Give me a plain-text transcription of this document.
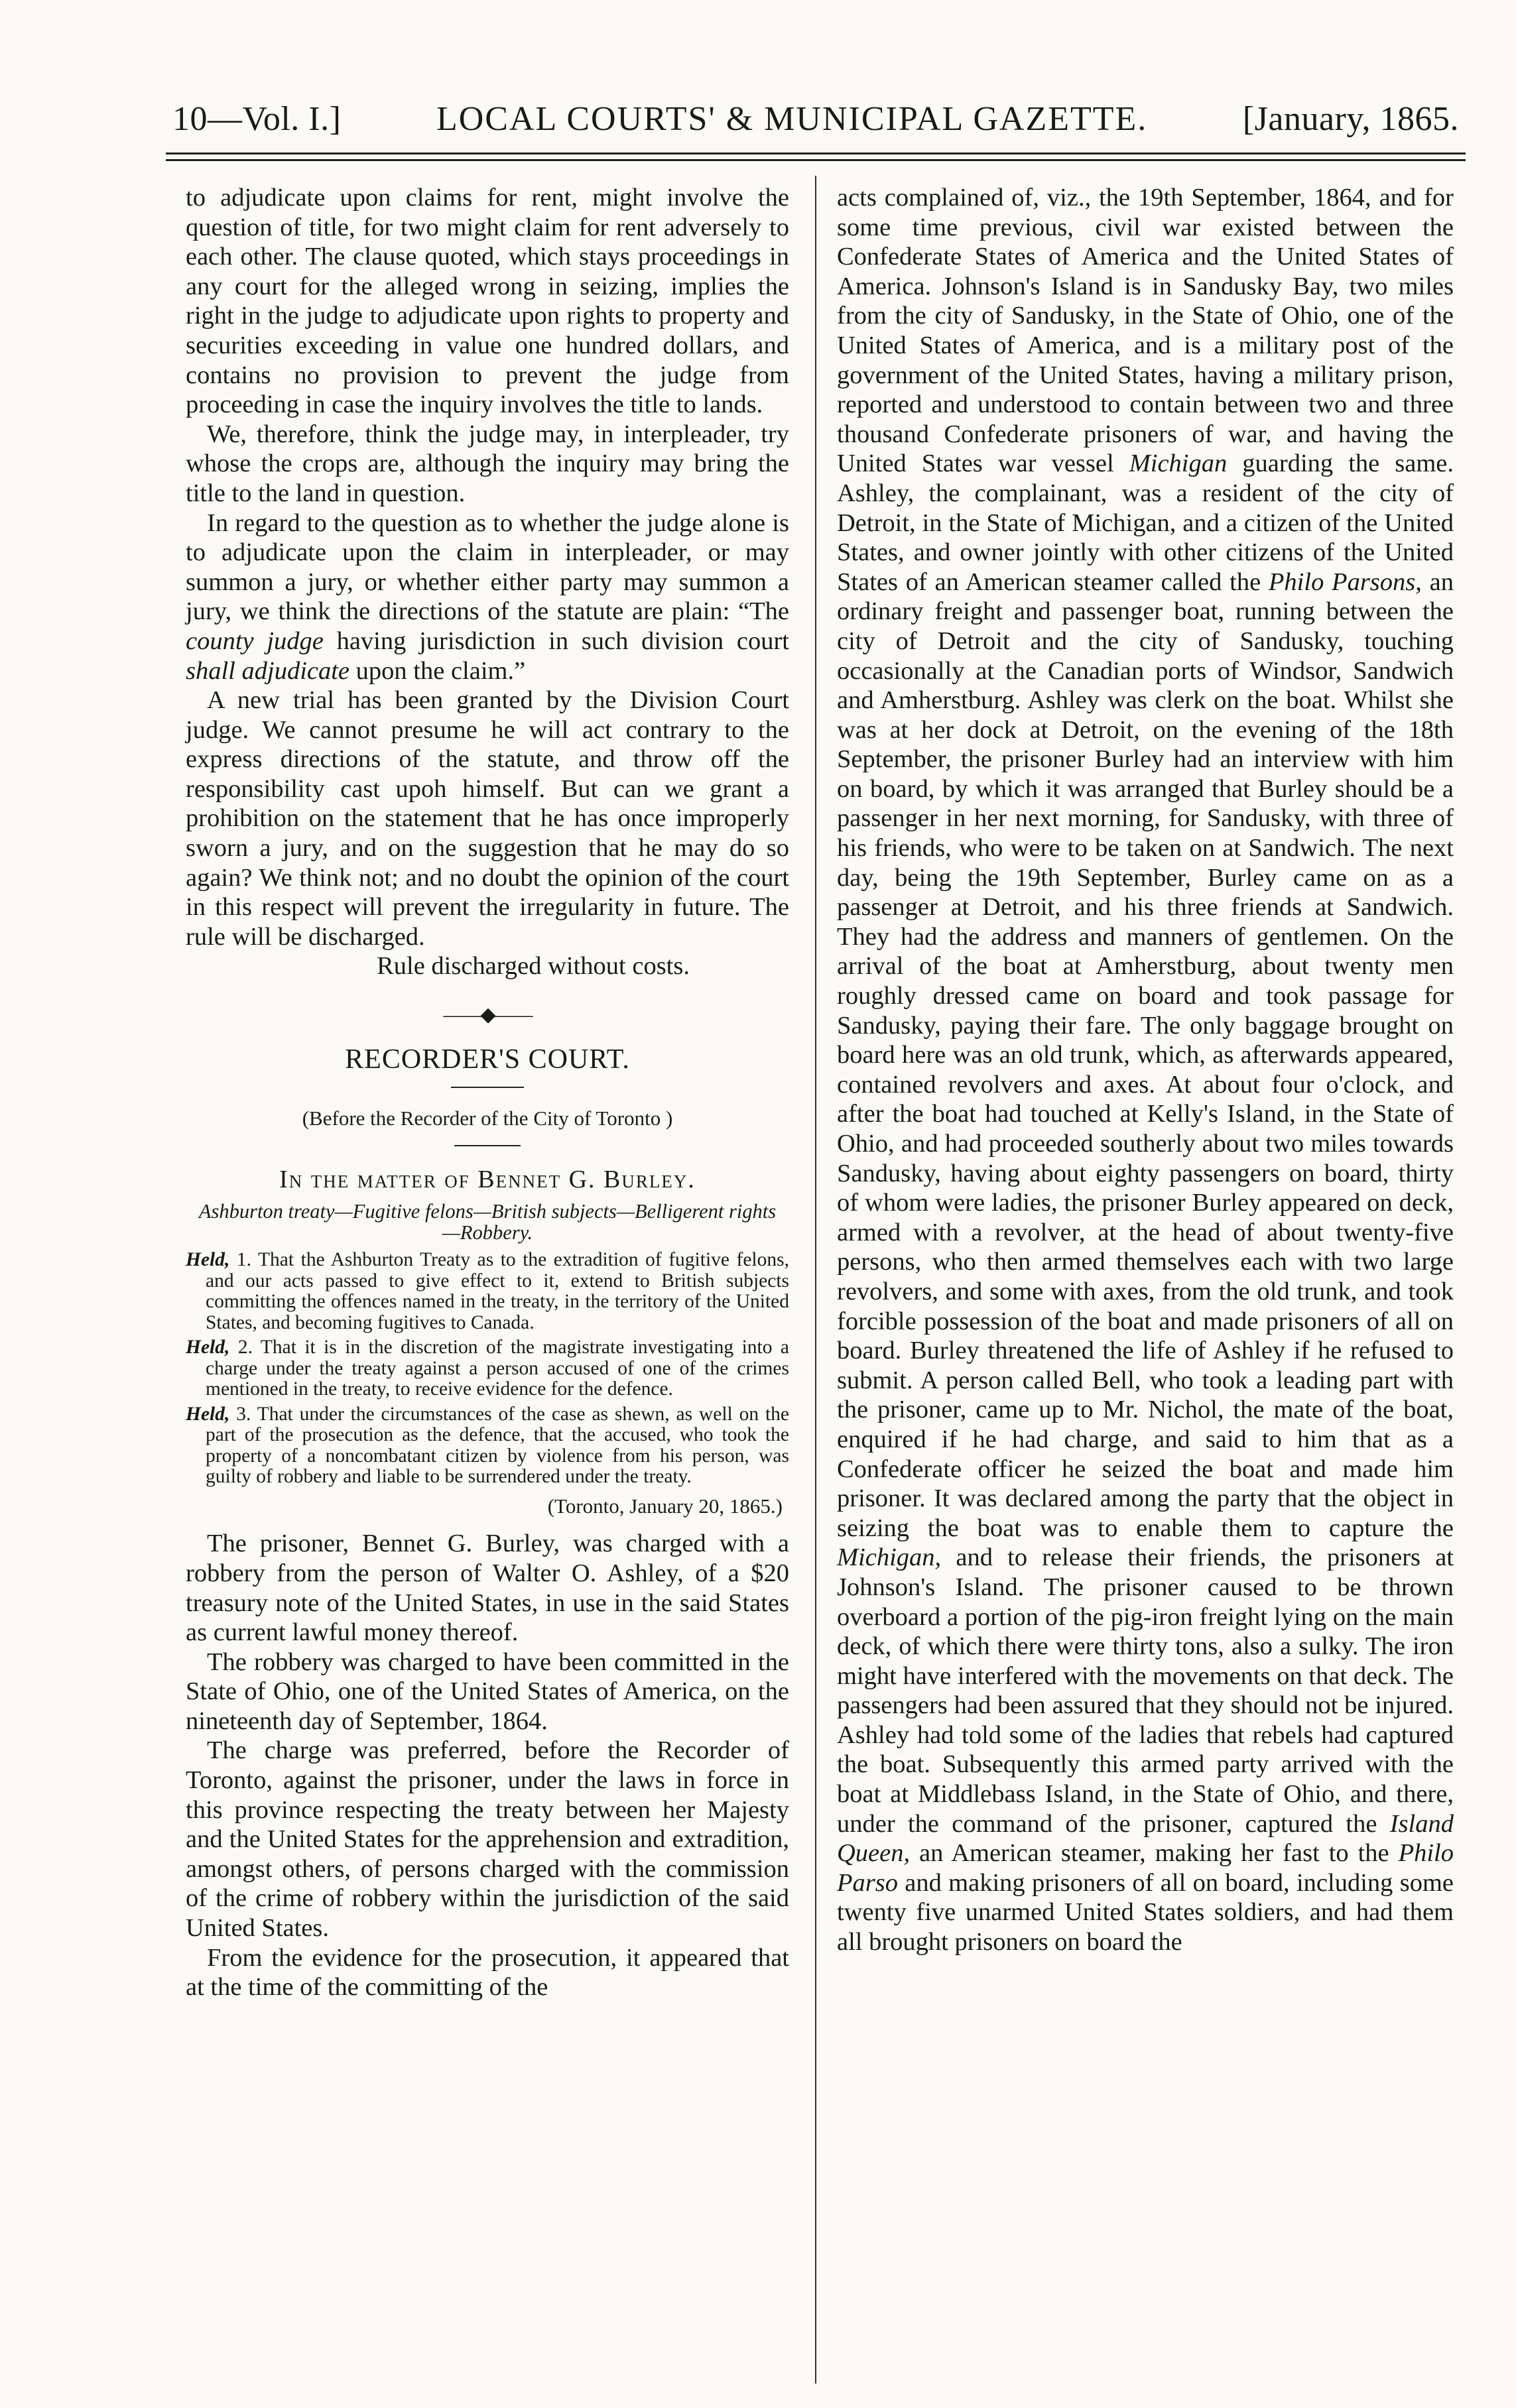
10—Vol. I.]	LOCAL COURTS' & MUNICIPAL GAZETTE.	[January, 1865.

to adjudicate upon claims for rent, might involve the question of title, for two might claim for rent adversely to each other. The clause quoted, which stays proceedings in any court for the alleged wrong in seizing, implies the right in the judge to adjudicate upon rights to property and securities exceeding in value one hundred dollars, and contains no provision to prevent the judge from proceeding in case the inquiry involves the title to lands.

We, therefore, think the judge may, in interpleader, try whose the crops are, although the inquiry may bring the title to the land in question.

In regard to the question as to whether the judge alone is to adjudicate upon the claim in interpleader, or may summon a jury, or whether either party may summon a jury, we think the directions of the statute are plain: “The county judge having jurisdiction in such division court shall adjudicate upon the claim.”

A new trial has been granted by the Division Court judge. We cannot presume he will act contrary to the express directions of the statute, and throw off the responsibility cast upoh himself. But can we grant a prohibition on the statement that he has once improperly sworn a jury, and on the suggestion that he may do so again? We think not; and no doubt the opinion of the court in this respect will prevent the irregularity in future. The rule will be discharged.

Rule discharged without costs.
——◆——
RECORDER'S COURT.
(Before the Recorder of the City of Toronto )
In the matter of Bennet G. Burley.
Ashburton treaty—Fugitive felons—British subjects—Belligerent rights—Robbery.
Held, 1. That the Ashburton Treaty as to the extradition of fugitive felons, and our acts passed to give effect to it, extend to British subjects committing the offences named in the treaty, in the territory of the United States, and becoming fugitives to Canada.
Held, 2. That it is in the discretion of the magistrate investigating into a charge under the treaty against a person accused of one of the crimes mentioned in the treaty, to receive evidence for the defence.
Held, 3. That under the circumstances of the case as shewn, as well on the part of the prosecution as the defence, that the accused, who took the property of a noncombatant citizen by violence from his person, was guilty of robbery and liable to be surrendered under the treaty.
(Toronto, January 20, 1865.)

The prisoner, Bennet G. Burley, was charged with a robbery from the person of Walter O. Ashley, of a $20 treasury note of the United States, in use in the said States as current lawful money thereof.

The robbery was charged to have been committed in the State of Ohio, one of the United States of America, on the nineteenth day of September, 1864.

The charge was preferred, before the Recorder of Toronto, against the prisoner, under the laws in force in this province respecting the treaty between her Majesty and the United States for the apprehension and extradition, amongst others, of persons charged with the commission of the crime of robbery within the jurisdiction of the said United States.

From the evidence for the prosecution, it appeared that at the time of the committing of the

acts complained of, viz., the 19th September, 1864, and for some time previous, civil war existed between the Confederate States of America and the United States of America. Johnson's Island is in Sandusky Bay, two miles from the city of Sandusky, in the State of Ohio, one of the United States of America, and is a military post of the government of the United States, having a military prison, reported and understood to contain between two and three thousand Confederate prisoners of war, and having the United States war vessel Michigan guarding the same. Ashley, the complainant, was a resident of the city of Detroit, in the State of Michigan, and a citizen of the United States, and owner jointly with other citizens of the United States of an American steamer called the Philo Parsons, an ordinary freight and passenger boat, running between the city of Detroit and the city of Sandusky, touching occasionally at the Canadian ports of Windsor, Sandwich and Amherstburg. Ashley was clerk on the boat. Whilst she was at her dock at Detroit, on the evening of the 18th September, the prisoner Burley had an interview with him on board, by which it was arranged that Burley should be a passenger in her next morning, for Sandusky, with three of his friends, who were to be taken on at Sandwich. The next day, being the 19th September, Burley came on as a passenger at Detroit, and his three friends at Sandwich. They had the address and manners of gentlemen. On the arrival of the boat at Amherstburg, about twenty men roughly dressed came on board and took passage for Sandusky, paying their fare. The only baggage brought on board here was an old trunk, which, as afterwards appeared, contained revolvers and axes. At about four o'clock, and after the boat had touched at Kelly's Island, in the State of Ohio, and had proceeded southerly about two miles towards Sandusky, having about eighty passengers on board, thirty of whom were ladies, the prisoner Burley appeared on deck, armed with a revolver, at the head of about twenty-five persons, who then armed themselves each with two large revolvers, and some with axes, from the old trunk, and took forcible possession of the boat and made prisoners of all on board. Burley threatened the life of Ashley if he refused to submit. A person called Bell, who took a leading part with the prisoner, came up to Mr. Nichol, the mate of the boat, enquired if he had charge, and said to him that as a Confederate officer he seized the boat and made him prisoner. It was declared among the party that the object in seizing the boat was to enable them to capture the Michigan, and to release their friends, the prisoners at Johnson's Island. The prisoner caused to be thrown overboard a portion of the pig-iron freight lying on the main deck, of which there were thirty tons, also a sulky. The iron might have interfered with the movements on that deck. The passengers had been assured that they should not be injured. Ashley had told some of the ladies that rebels had captured the boat. Subsequently this armed party arrived with the boat at Middlebass Island, in the State of Ohio, and there, under the command of the prisoner, captured the Island Queen, an American steamer, making her fast to the Philo Parso and making prisoners of all on board, including some twenty five unarmed United States soldiers, and had them all brought prisoners on board the
